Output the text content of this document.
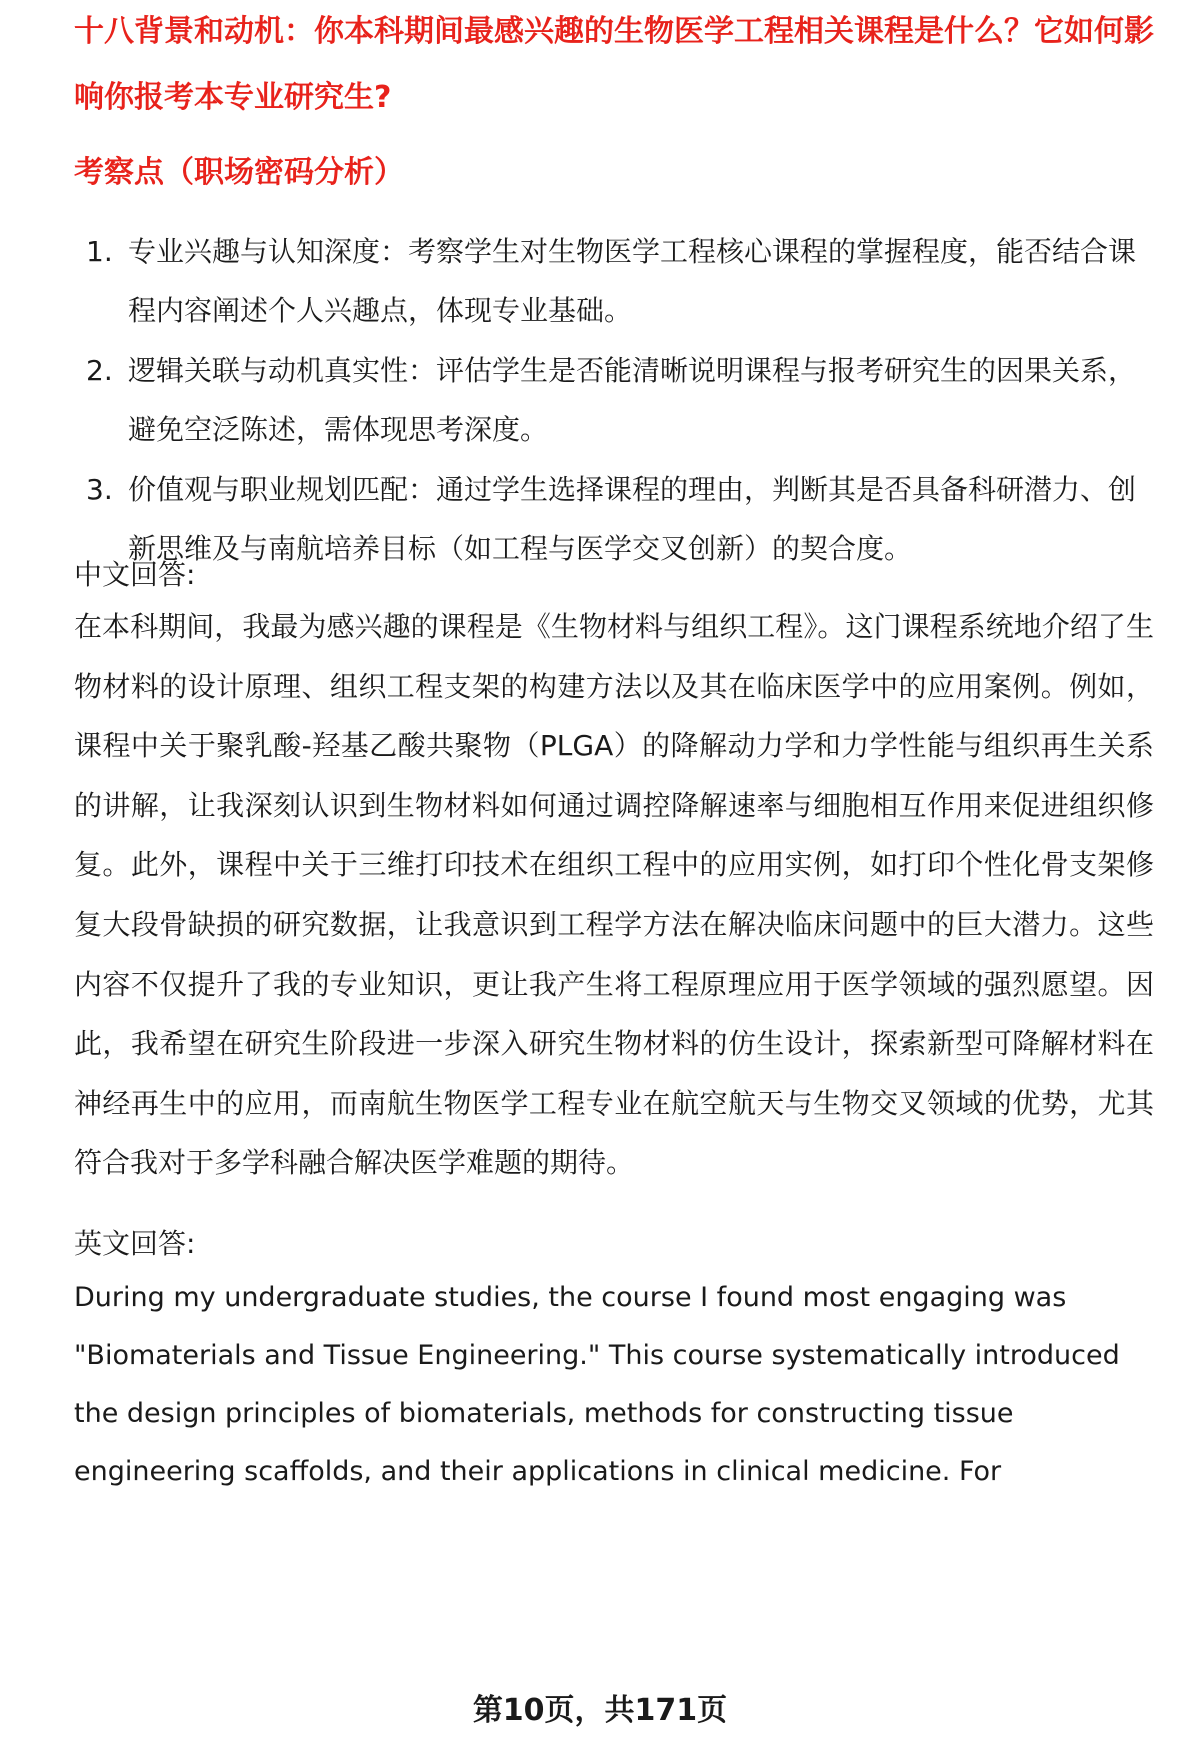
十八背景和动机：你本科期间最感兴趣的生物医学工程相关课程是什么？它如何影
响你报考本专业研究生?
考察点（职场密码分析）
1. 专业兴趣与认知深度：考察学生对生物医学工程核心课程的掌握程度，能否结合课程内容阐述个人兴趣点，体现专业基础。
2. 逻辑关联与动机真实性：评估学生是否能清晰说明课程与报考研究生的因果关系，避免空泛陈述，需体现思考深度。
3. 价值观与职业规划匹配：通过学生选择课程的理由，判断其是否具备科研潜力、创新思维及与南航培养目标（如工程与医学交叉创新）的契合度。
中文回答:

在本科期间，我最为感兴趣的课程是《生物材料与组织工程》。这门课程系统地介绍了生物材料的设计原理、组织工程支架的构建方法以及其在临床医学中的应用案例。例如，课程中关于聚乳酸-羟基乙酸共聚物（PLGA）的降解动力学和力学性能与组织再生关系的讲解，让我深刻认识到生物材料如何通过调控降解速率与细胞相互作用来促进组织修复。此外，课程中关于三维打印技术在组织工程中的应用实例，如打印个性化骨支架修复大段骨缺损的研究数据，让我意识到工程学方法在解决临床问题中的巨大潜力。这些内容不仅提升了我的专业知识，更让我产生将工程原理应用于医学领域的强烈愿望。因此，我希望在研究生阶段进一步深入研究生物材料的仿生设计，探索新型可降解材料在神经再生中的应用，而南航生物医学工程专业在航空航天与生物交叉领域的优势，尤其符合我对于多学科融合解决医学难题的期待。

英文回答:

During my undergraduate studies, the course I found most engaging was "Biomaterials and Tissue Engineering." This course systematically introduced the design principles of biomaterials, methods for constructing tissue engineering scaffolds, and their applications in clinical medicine. For

第10页，共171页
